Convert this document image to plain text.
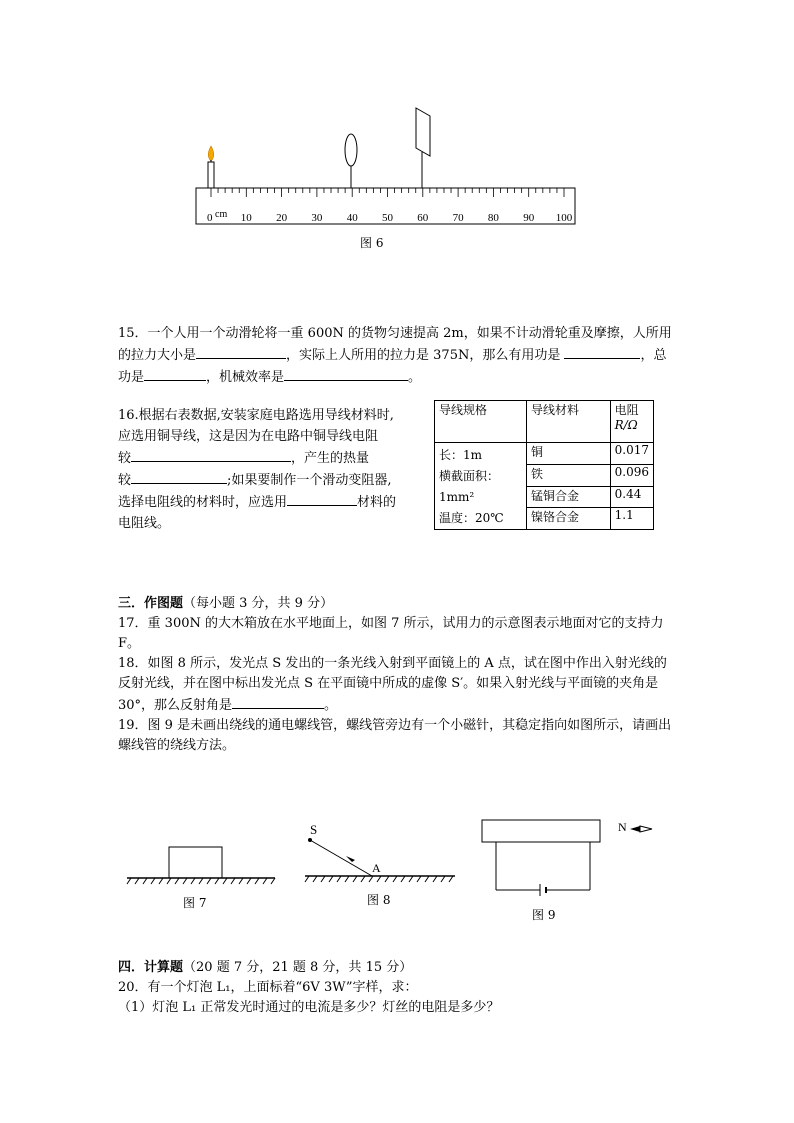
0	10 20 30 40 50 60 70 80 90 100
cm
图 6
15．一个人用一个动滑轮将一重 600N 的货物匀速提高 2m，如果不计动滑轮重及摩擦，人所用的拉力大小是	，实际上人所用的拉力是 375N，那么有用功是	，总功是	，机械效率是	。
16.根据右表数据,安装家庭电路选用导线材料时,
应选用铜导线，这是因为在电路中铜导线电阻
较	，产生的热量
较	;如果要制作一个滑动变阻器,
选择电阻线的材料时，应选用	材料的
电阻线。
导线规格	导线材料	电阻
R/Ω

长：1m
横截面积：
1mm²
温度：20℃	铜	0.017
	铁	0.096
	锰铜合金	0.44
	镍铬合金	1.1
三．作图题（每小题 3 分，共 9 分）
17．重 300N 的大木箱放在水平地面上，如图 7 所示，试用力的示意图表示地面对它的支持力 F。
18．如图 8 所示，发光点 S 发出的一条光线入射到平面镜上的 A 点，试在图中作出入射光线的反射光线，并在图中标出发光点 S 在平面镜中所成的虚像 S′。如果入射光线与平面镜的夹角是 30°，那么反射角是	。
19．图 9 是未画出绕线的通电螺线管，螺线管旁边有一个小磁针，其稳定指向如图所示，请画出螺线管的绕线方法。
图 7
S
A
图 8
N
图 9
四．计算题（20 题 7 分，21 题 8 分，共 15 分）
20．有一个灯泡 L₁，上面标着“6V 3W”字样，求：
（1）灯泡 L₁ 正常发光时通过的电流是多少？灯丝的电阻是多少？
